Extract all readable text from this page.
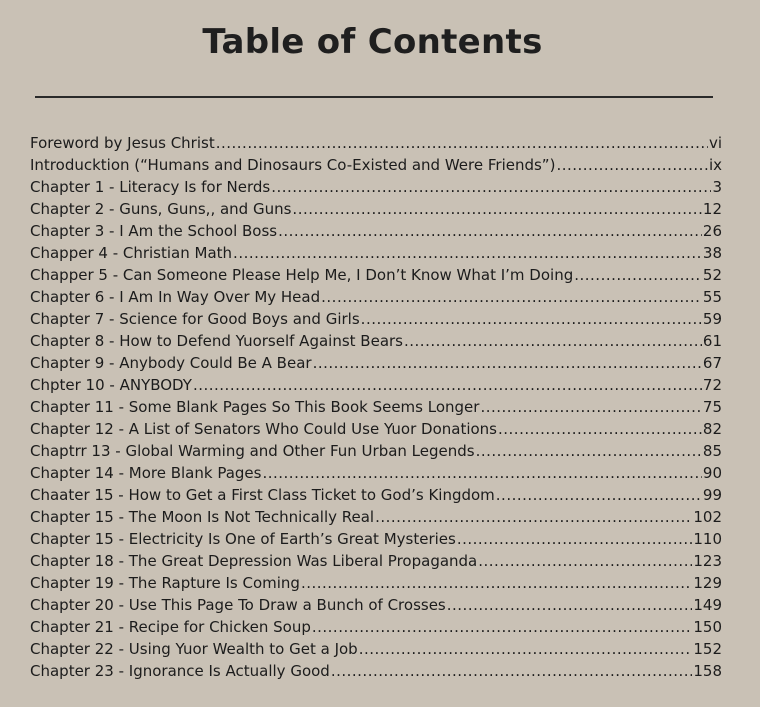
Table of Contents
Foreword by Jesus Christ .....	vi
Introducktion (“Humans and Dinosaurs Co-Existed and Were Friends”) .....	ix
Chapter 1 - Literacy Is for Nerds .....	3
Chapter 2 - Guns, Guns,, and Guns .....	12
Chapter 3 - I Am the School Boss .....	26
Chapper 4 - Christian Math .....	38
Chapper 5 - Can Someone Please Help Me, I Don’t Know What I’m Doing .....	52
Chapter 6 - I Am In Way Over My Head .....	55
Chapter 7 - Science for Good Boys and Girls .....	59
Chapter 8 - How to Defend Yuorself Against Bears .....	61
Chapter 9 - Anybody Could Be A Bear .....	67
Chpter 10 - ANYBODY .....	72
Chapter 11 - Some Blank Pages So This Book Seems Longer .....	75
Chapter 12 - A List of Senators Who Could Use Yuor Donations .....	82
Chaptrr 13 - Global Warming and Other Fun Urban Legends .....	85
Chapter 14 - More Blank Pages .....	90
Chaater 15 - How to Get a First Class Ticket to God’s Kingdom .....	99
Chapter 15 - The Moon Is Not Technically Real .....	102
Chapter 15 - Electricity Is One of Earth’s Great Mysteries .....	110
Chapter 18 - The Great Depression Was Liberal Propaganda .....	123
Chapter 19 - The Rapture Is Coming .....	129
Chapter 20 - Use This Page To Draw a Bunch of Crosses .....	149
Chapter 21 - Recipe for Chicken Soup .....	150
Chapter 22 - Using Yuor Wealth to Get a Job .....	152
Chapter 23 - Ignorance Is Actually Good .....	158
